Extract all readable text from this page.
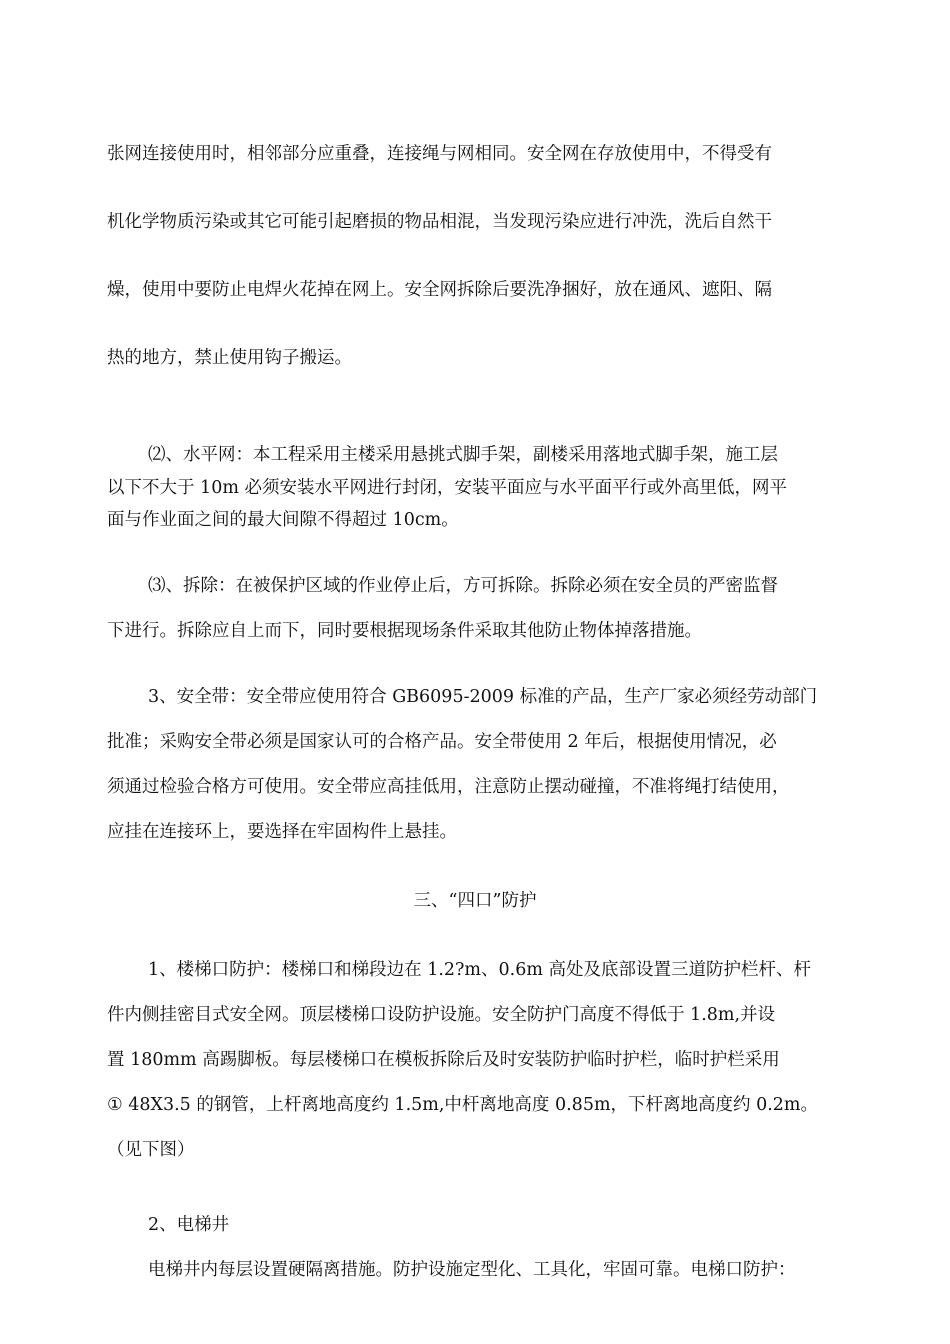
张网连接使用时，相邻部分应重叠，连接绳与网相同。安全网在存放使用中，不得受有
机化学物质污染或其它可能引起磨损的物品相混，当发现污染应进行冲洗，洗后自然干
燥，使用中要防止电焊火花掉在网上。安全网拆除后要洗净捆好，放在通风、遮阳、隔
热的地方，禁止使用钩子搬运。
⑵、水平网：本工程采用主楼采用悬挑式脚手架，副楼采用落地式脚手架，施工层
以下不大于 10m 必须安装水平网进行封闭，安装平面应与水平面平行或外高里低，网平
面与作业面之间的最大间隙不得超过 10cm。
⑶、拆除：在被保护区域的作业停止后，方可拆除。拆除必须在安全员的严密监督
下进行。拆除应自上而下，同时要根据现场条件采取其他防止物体掉落措施。
3、安全带：安全带应使用符合 GB6095-2009 标准的产品，生产厂家必须经劳动部门
批准；采购安全带必须是国家认可的合格产品。安全带使用 2 年后，根据使用情况，必
须通过检验合格方可使用。安全带应高挂低用，注意防止摆动碰撞，不准将绳打结使用，
应挂在连接环上，要选择在牢固构件上悬挂。
三、“四口”防护
1、楼梯口防护：楼梯口和梯段边在 1.2?m、0.6m 高处及底部设置三道防护栏杆、杆
件内侧挂密目式安全网。顶层楼梯口设防护设施。安全防护门高度不得低于 1.8m,并设
置 180mm 高踢脚板。每层楼梯口在模板拆除后及时安装防护临时护栏，临时护栏采用
① 48X3.5 的钢管，上杆离地高度约 1.5m,中杆离地高度 0.85m，下杆离地高度约 0.2m。
（见下图）
2、电梯井
电梯井内每层设置硬隔离措施。防护设施定型化、工具化，牢固可靠。电梯口防护：
